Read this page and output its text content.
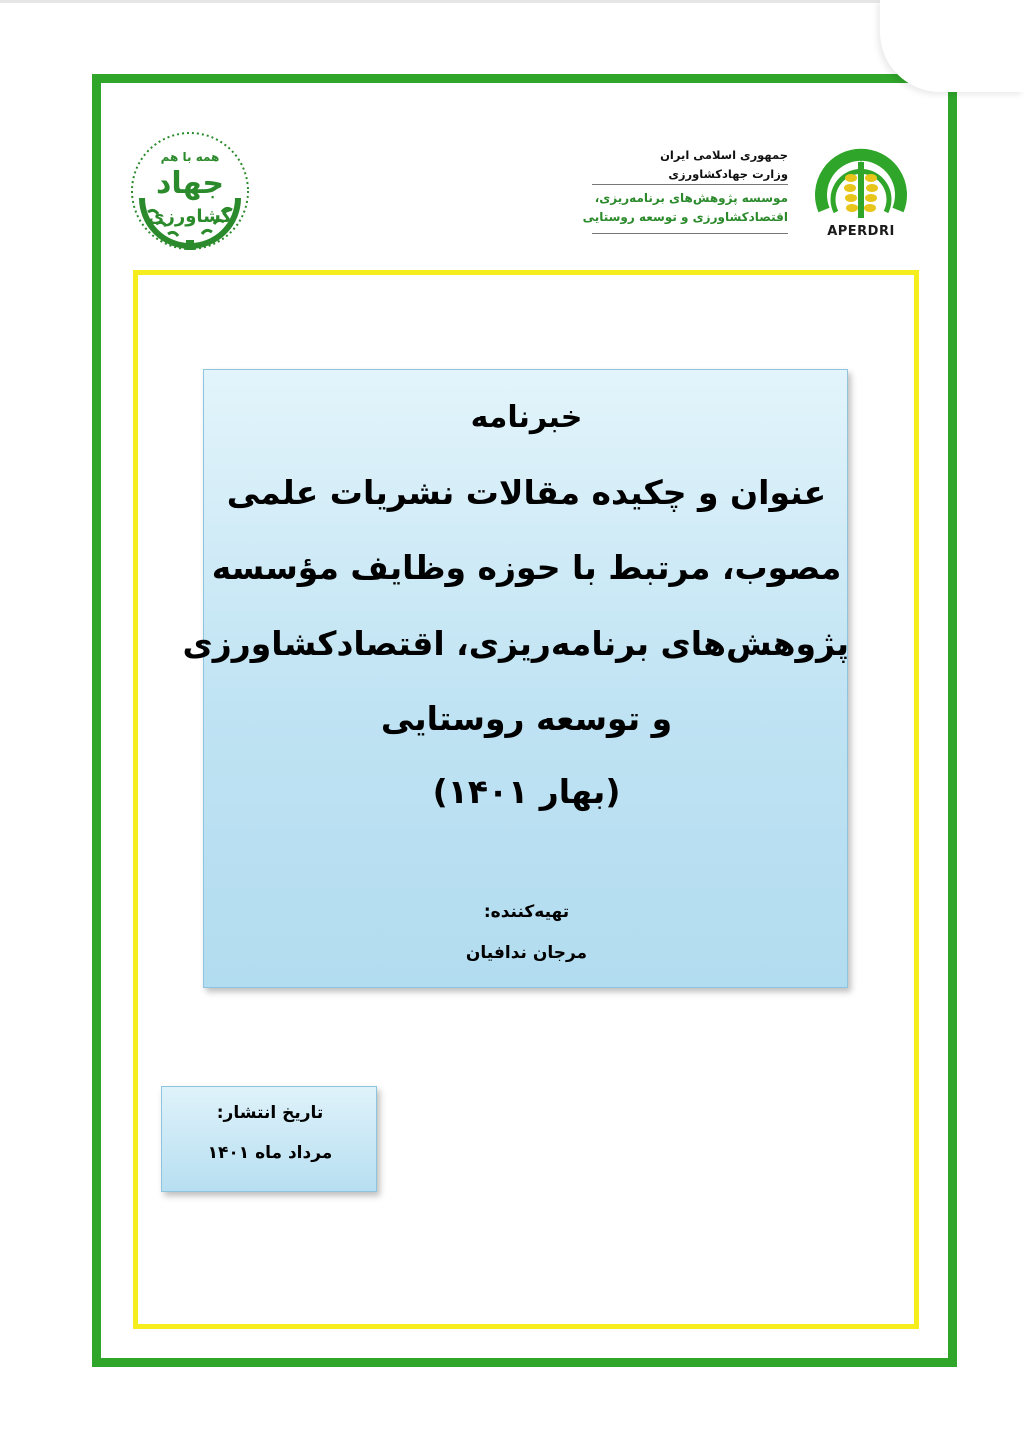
همه با هم
جهاد
کشاورزی
جمهوری اسلامی ایران
وزارت جهادکشاورزی
موسسه پژوهش‌های برنامه‌ریزی،
اقتصادکشاورزی و توسعه روستایی
APERDRI
خبرنامه
عنوان و چکیده مقالات نشریات علمی
مصوب، مرتبط با حوزه وظایف مؤسسه
پژوهش‌های برنامه‌ریزی، اقتصادکشاورزی
و توسعه روستایی
(بهار ۱۴۰۱)
تهیه‌کننده:
مرجان ندافیان
تاریخ انتشار:
مرداد ماه ۱۴۰۱
